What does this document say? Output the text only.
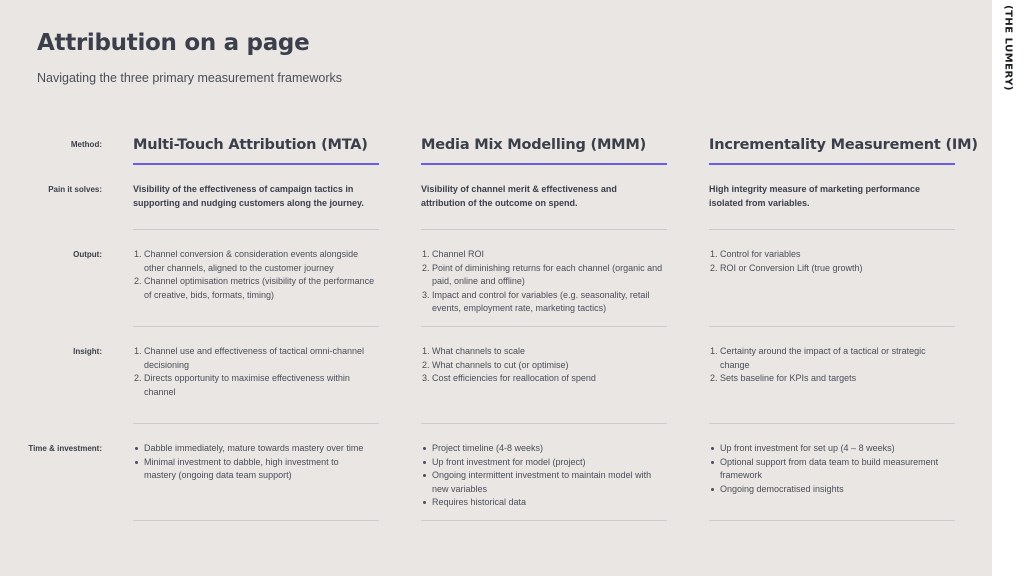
(THE LUMERY)
Attribution on a page

Navigating the three primary measurement frameworks

Method:
Pain it solves:
Output:
Insight:
Time & investment:
Multi-Touch Attribution (MTA)

Visibility of the effectiveness of campaign tactics in supporting and nudging customers along the journey.

1. Channel conversion & consideration events alongside other channels, aligned to the customer journey
2. Channel optimisation metrics (visibility of the performance of creative, bids, formats, timing)
1. Channel use and effectiveness of tactical omni-channel decisioning
2. Directs opportunity to maximise effectiveness within channel
Dabble immediately, mature towards mastery over time
Minimal investment to dabble, high investment to mastery (ongoing data team support)
Media Mix Modelling (MMM)

Visibility of channel merit & effectiveness and attribution of the outcome on spend.

1. Channel ROI
2. Point of diminishing returns for each channel (organic and paid, online and offline)
3. Impact and control for variables (e.g. seasonality, retail events, employment rate, marketing tactics)
1. What channels to scale
2. What channels to cut (or optimise)
3. Cost efficiencies for reallocation of spend
Project timeline (4-8 weeks)
Up front investment for model (project)
Ongoing intermittent investment to maintain model with new variables
Requires historical data
Incrementality Measurement (IM)

High integrity measure of marketing performance isolated from variables.

1. Control for variables
2. ROI or Conversion Lift (true growth)
1. Certainty around the impact of a tactical or strategic change
2. Sets baseline for KPIs and targets
Up front investment for set up (4 – 8 weeks)
Optional support from data team to build measurement framework
Ongoing democratised insights
